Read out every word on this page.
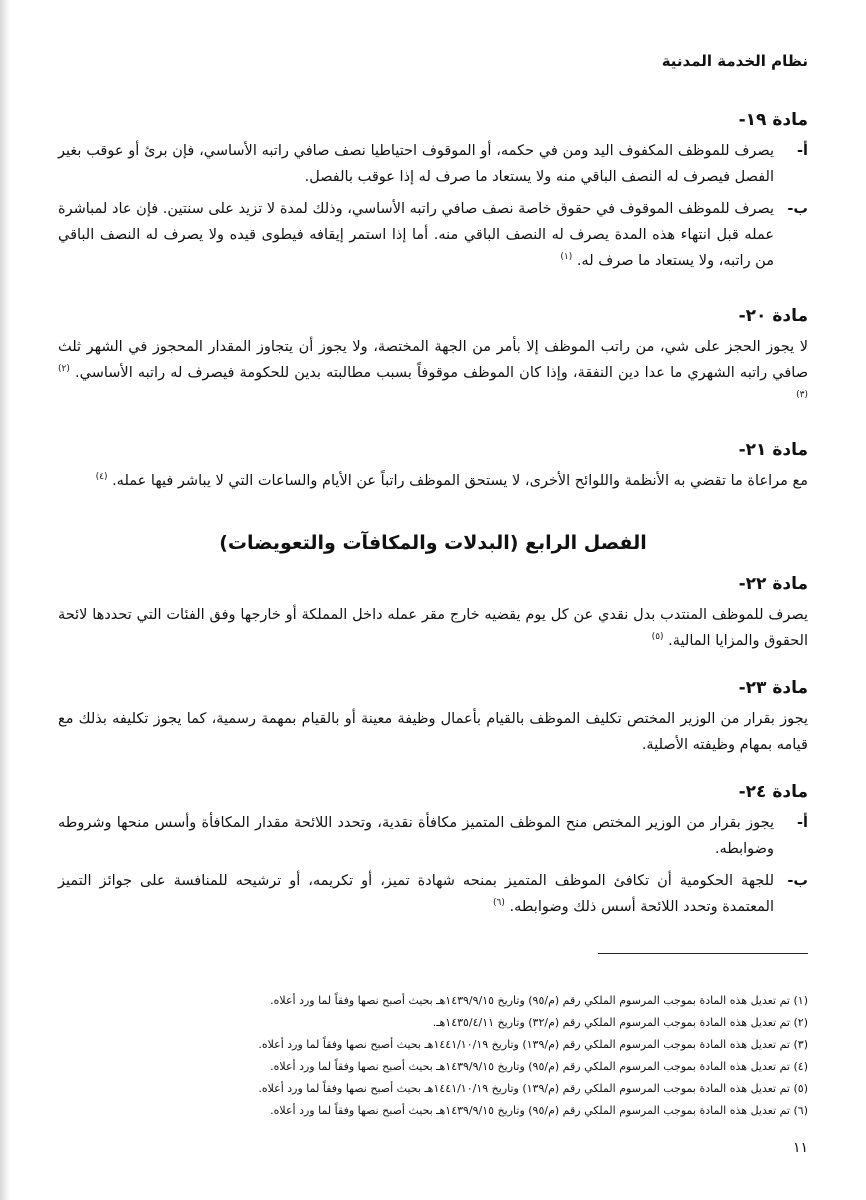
نظام الخدمة المدنية
مادة ١٩-
أ-
يصرف للموظف المكفوف اليد ومن في حكمه، أو الموقوف احتياطيا نصف صافي راتبه الأساسي، فإن برئ أو عوقب بغير الفصل فيصرف له النصف الباقي منه ولا يستعاد ما صرف له إذا عوقب بالفصل.
ب-
يصرف للموظف الموقوف في حقوق خاصة نصف صافي راتبه الأساسي، وذلك لمدة لا تزيد على سنتين. فإن عاد لمباشرة عمله قبل انتهاء هذه المدة يصرف له النصف الباقي منه. أما إذا استمر إيقافه فيطوى قيده ولا يصرف له النصف الباقي من راتبه، ولا يستعاد ما صرف له. $^{(١)}$
مادة ٢٠-

لا يجوز الحجز على شي، من راتب الموظف إلا بأمر من الجهة المختصة، ولا يجوز أن يتجاوز المقدار المحجوز في الشهر ثلث صافي راتبه الشهري ما عدا دين النفقة، وإذا كان الموظف موقوفاً بسبب مطالبته بدين للحكومة فيصرف له راتبه الأساسي. $^{(٢)(٣)}$

مادة ٢١-

مع مراعاة ما تقضي به الأنظمة واللوائح الأخرى، لا يستحق الموظف راتباً عن الأيام والساعات التي لا يباشر فيها عمله. $^{(٤)}$

الفصل الرابع (البدلات والمكافآت والتعويضات)
مادة ٢٢-

يصرف للموظف المنتدب بدل نقدي عن كل يوم يقضيه خارج مقر عمله داخل المملكة أو خارجها وفق الفئات التي تحددها لائحة الحقوق والمزايا المالية. $^{(٥)}$

مادة ٢٣-

يجوز بقرار من الوزير المختص تكليف الموظف بالقيام بأعمال وظيفة معينة أو بالقيام بمهمة رسمية، كما يجوز تكليفه بذلك مع قيامه بمهام وظيفته الأصلية.

مادة ٢٤-
أ-
يجوز بقرار من الوزير المختص منح الموظف المتميز مكافأة نقدية، وتحدد اللائحة مقدار المكافأة وأسس منحها وشروطه وضوابطه.
ب-
للجهة الحكومية أن تكافئ الموظف المتميز بمنحه شهادة تميز، أو تكريمه، أو ترشيحه للمنافسة على جوائز التميز المعتمدة وتحدد اللائحة أسس ذلك وضوابطه. $^{(٦)}$

(١) تم تعديل هذه المادة بموجب المرسوم الملكي رقم (م/٩٥) وتاريخ ١٤٣٩/٩/١٥هـ بحيث أصبح نصها وفقاً لما ورد أعلاه.

(٢) تم تعديل هذه المادة بموجب المرسوم الملكي رقم (م/٣٢) وتاريخ ١٤٣٥/٤/١١هـ.

(٣) تم تعديل هذه المادة بموجب المرسوم الملكي رقم (م/١٣٩) وتاريخ ١٤٤١/١٠/١٩هـ بحيث أصبح نصها وفقاً لما ورد أعلاه.

(٤) تم تعديل هذه المادة بموجب المرسوم الملكي رقم (م/٩٥) وتاريخ ١٤٣٩/٩/١٥هـ بحيث أصبح نصها وفقاً لما ورد أعلاه.

(٥) تم تعديل هذه المادة بموجب المرسوم الملكي رقم (م/١٣٩) وتاريخ ١٤٤١/١٠/١٩هـ بحيث أصبح نصها وفقاً لما ورد أعلاه.

(٦) تم تعديل هذه المادة بموجب المرسوم الملكي رقم (م/٩٥) وتاريخ ١٤٣٩/٩/١٥هـ بحيث أصبح نصها وفقاً لما ورد أعلاه.

١١
